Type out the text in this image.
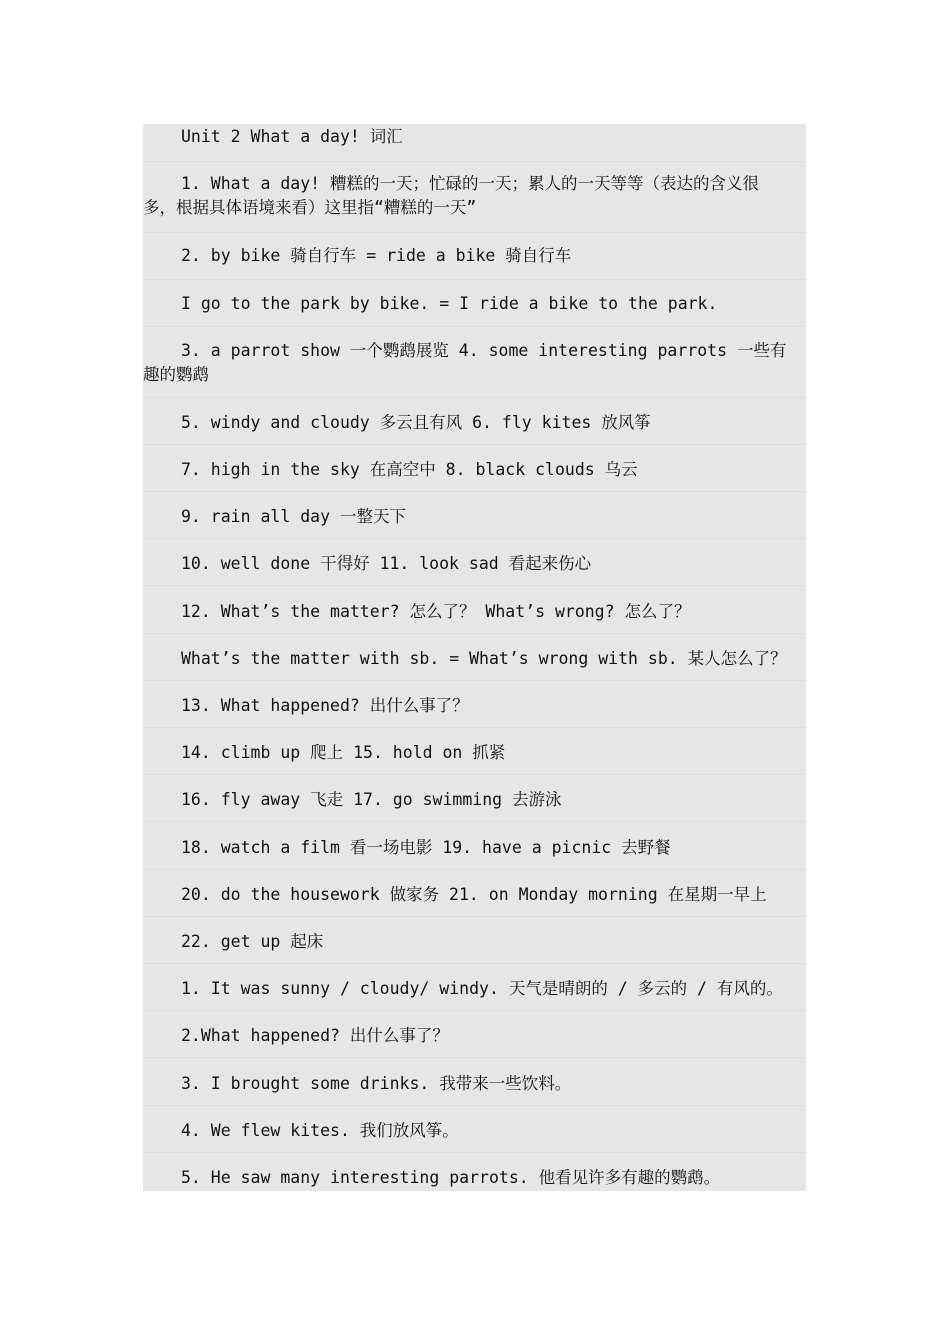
Unit 2 What a day! 词汇
1. What a day! 糟糕的一天；忙碌的一天；累人的一天等等（表达的含义很
多，根据具体语境来看）这里指“糟糕的一天”
2. by bike 骑自行车 = ride a bike 骑自行车
I go to the park by bike. = I ride a bike to the park.
3. a parrot show 一个鹦鹉展览 4. some interesting parrots 一些有
趣的鹦鹉
5. windy and cloudy 多云且有风 6. fly kites 放风筝
7. high in the sky 在高空中 8. black clouds 乌云
9. rain all day 一整天下
10. well done 干得好 11. look sad 看起来伤心
12. What’s the matter? 怎么了？ What’s wrong? 怎么了？
What’s the matter with sb. = What’s wrong with sb. 某人怎么了？
13. What happened? 出什么事了？
14. climb up 爬上 15. hold on 抓紧
16. fly away 飞走 17. go swimming 去游泳
18. watch a film 看一场电影 19. have a picnic 去野餐
20. do the housework 做家务 21. on Monday morning 在星期一早上
22. get up 起床
1. It was sunny / cloudy/ windy. 天气是晴朗的 / 多云的 / 有风的。
2.What happened? 出什么事了？
3. I brought some drinks. 我带来一些饮料。
4. We flew kites. 我们放风筝。
5. He saw many interesting parrots. 他看见许多有趣的鹦鹉。
